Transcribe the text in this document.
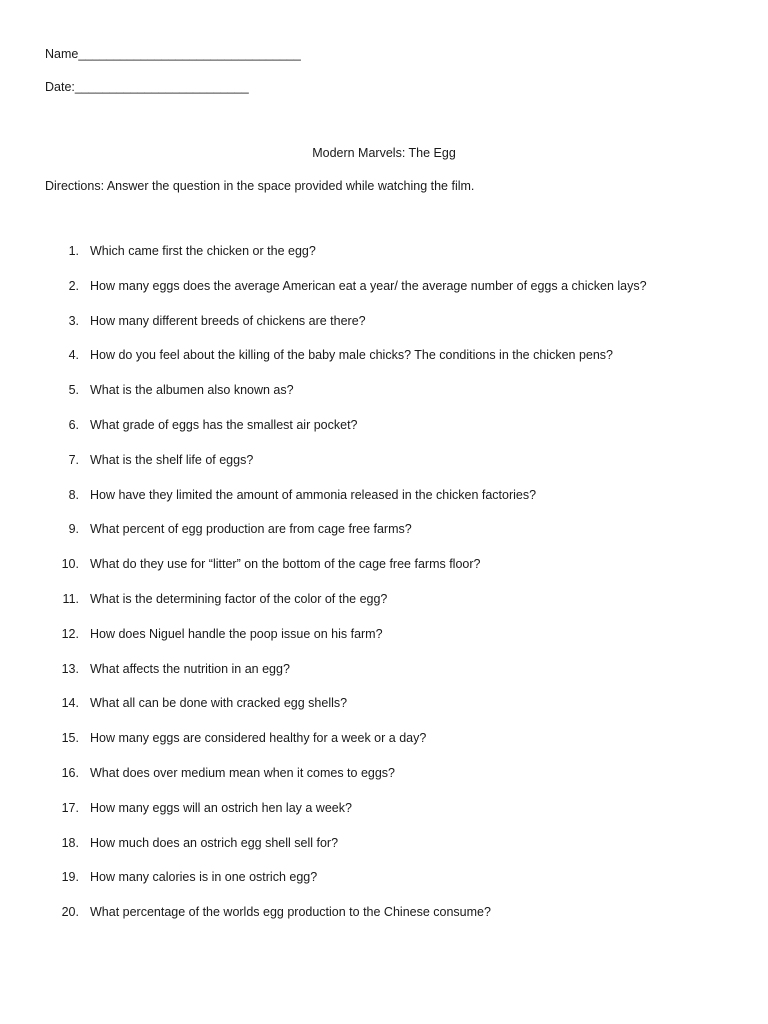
Name________________________________
Date:_________________________
Modern Marvels: The Egg
Directions: Answer the question in the space provided while watching the film.
1. Which came first the chicken or the egg?
2. How many eggs does the average American eat a year/ the average number of eggs a chicken lays?
3. How many different breeds of chickens are there?
4. How do you feel about the killing of the baby male chicks? The conditions in the chicken pens?
5. What is the albumen also known as?
6. What grade of eggs has the smallest air pocket?
7. What is the shelf life of eggs?
8. How have they limited the amount of ammonia released in the chicken factories?
9. What percent of egg production are from cage free farms?
10. What do they use for “litter” on the bottom of the cage free farms floor?
11. What is the determining factor of the color of the egg?
12. How does Niguel handle the poop issue on his farm?
13. What affects the nutrition in an egg?
14. What all can be done with cracked egg shells?
15. How many eggs are considered healthy for a week or a day?
16. What does over medium mean when it comes to eggs?
17. How many eggs will an ostrich hen lay a week?
18. How much does an ostrich egg shell sell for?
19. How many calories is in one ostrich egg?
20. What percentage of the worlds egg production to the Chinese consume?
